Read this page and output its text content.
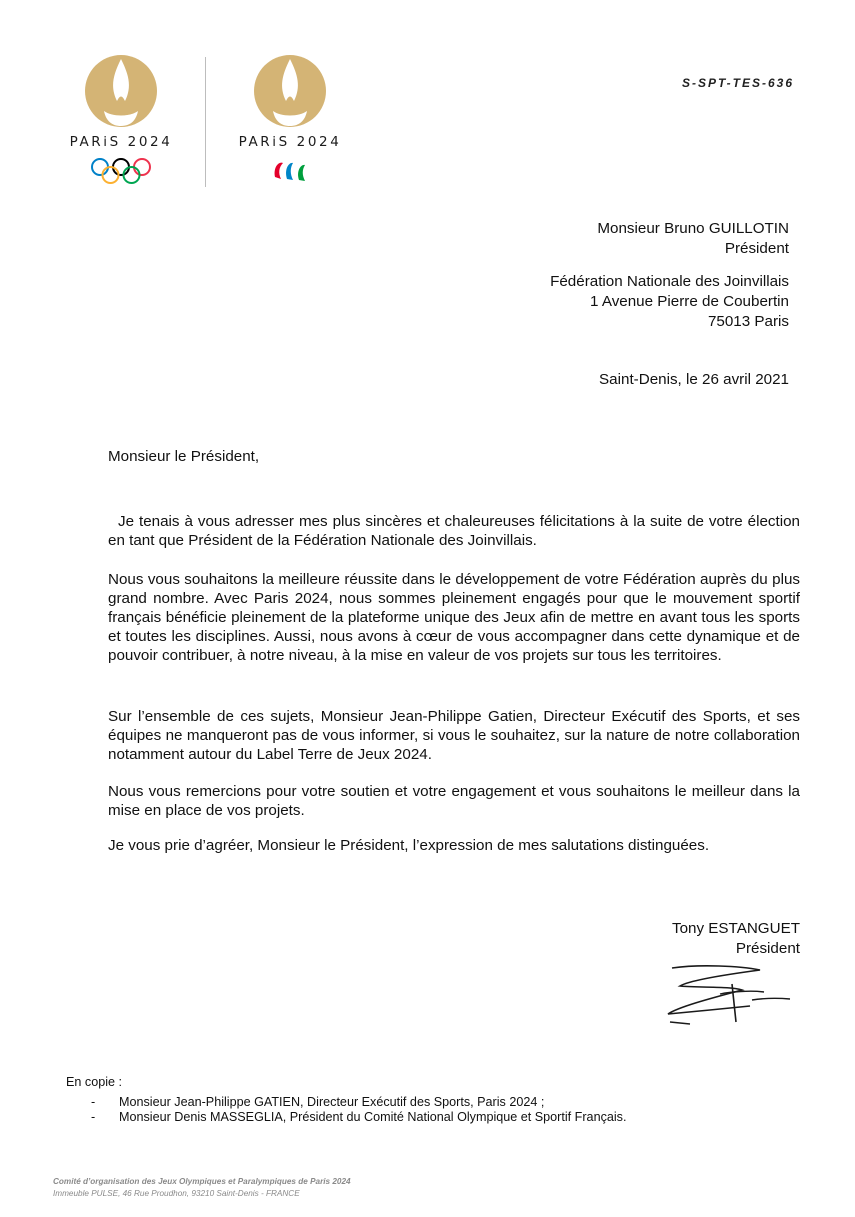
PARiS 2024	PARiS 2024
S-SPT-TES-636
Monsieur Bruno GUILLOTIN
Président
Fédération Nationale des Joinvillais
1 Avenue Pierre de Coubertin
75013 Paris
Saint-Denis, le 26 avril 2021
Monsieur le Président,
Je tenais à vous adresser mes plus sincères et chaleureuses félicitations à la suite de votre élection en tant que Président de la Fédération Nationale des Joinvillais.
Nous vous souhaitons la meilleure réussite dans le développement de votre Fédération auprès du plus grand nombre. Avec Paris 2024, nous sommes pleinement engagés pour que le mouvement sportif français bénéficie pleinement de la plateforme unique des Jeux afin de mettre en avant tous les sports et toutes les disciplines. Aussi, nous avons à cœur de vous accompagner dans cette dynamique et de pouvoir contribuer, à notre niveau, à la mise en valeur de vos projets sur tous les territoires.
Sur l’ensemble de ces sujets, Monsieur Jean-Philippe Gatien, Directeur Exécutif des Sports, et ses équipes ne manqueront pas de vous informer, si vous le souhaitez, sur la nature de notre collaboration notamment autour du Label Terre de Jeux 2024.
Nous vous remercions pour votre soutien et votre engagement et vous souhaitons le meilleur dans la mise en place de vos projets.
Je vous prie d’agréer, Monsieur le Président, l’expression de mes salutations distinguées.
Tony ESTANGUET
Président
En copie :
- Monsieur Jean-Philippe GATIEN, Directeur Exécutif des Sports, Paris 2024 ;
- Monsieur Denis MASSEGLIA, Président du Comité National Olympique et Sportif Français.
Comité d’organisation des Jeux Olympiques et Paralympiques de Paris 2024
Immeuble PULSE, 46 Rue Proudhon, 93210 Saint-Denis - FRANCE
